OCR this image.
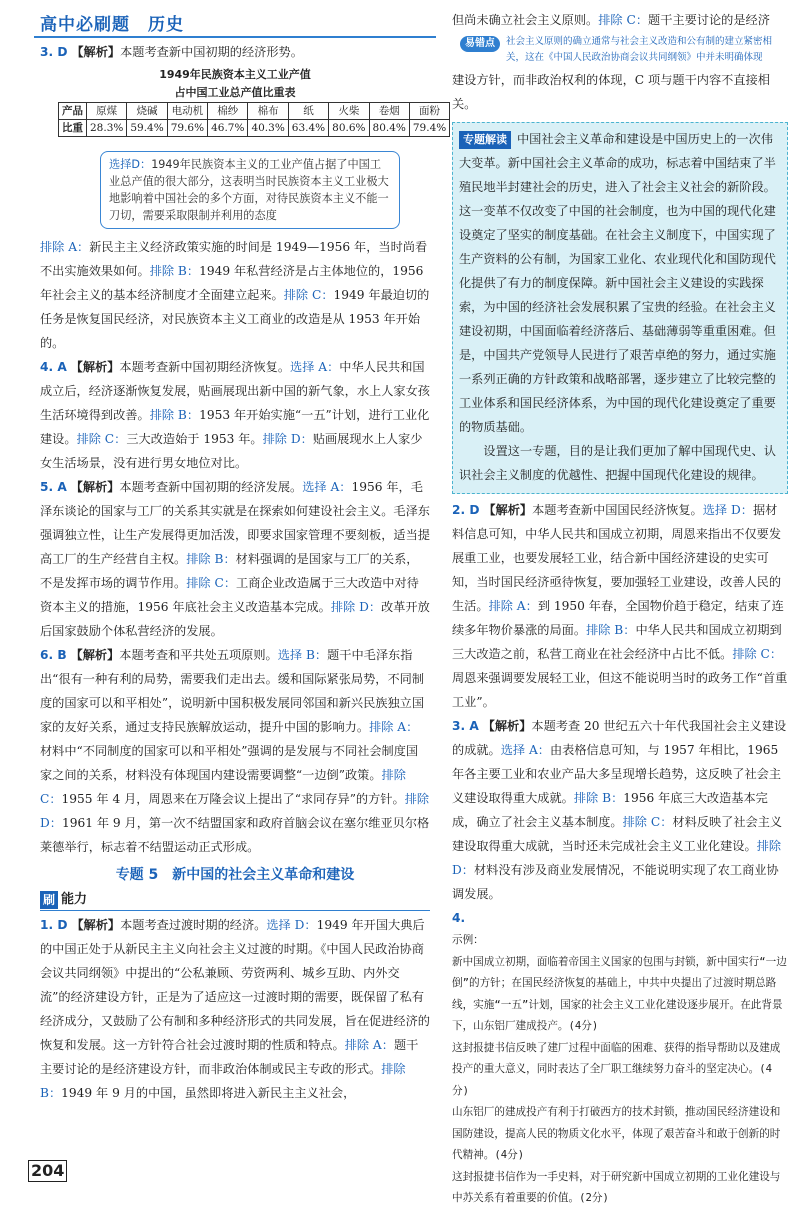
高中必刷题　历史

3. D 【解析】本题考查新中国初期的经济形势。

1949年民族资本主义工业产值
占中国工业总产值比重表
产品	原煤	烧碱	电动机	棉纱	棉布	纸	火柴	卷烟	面粉
比重	28.3%	59.4%	79.6%	46.7%	40.3%	63.4%	80.6%	80.4%	79.4%
选择D：1949年民族资本主义的工业产值占据了中国工业总产值的很大部分，这表明当时民族资本主义工业极大地影响着中国社会的多个方面，对待民族资本主义不能一刀切，需要采取限制并利用的态度

排除 A：新民主主义经济政策实施的时间是 1949—1956 年，当时尚看不出实施效果如何。排除 B：1949 年私营经济是占主体地位的，1956 年社会主义的基本经济制度才全面建立起来。排除 C：1949 年最迫切的任务是恢复国民经济，对民族资本主义工商业的改造是从 1953 年开始的。

4. A 【解析】本题考查新中国初期经济恢复。选择 A：中华人民共和国成立后，经济逐渐恢复发展，贴画展现出新中国的新气象，水上人家女孩生活环境得到改善。排除 B：1953 年开始实施“一五”计划，进行工业化建设。排除 C：三大改造始于 1953 年。排除 D：贴画展现水上人家少女生活场景，没有进行男女地位对比。

5. A 【解析】本题考查新中国初期的经济发展。选择 A：1956 年，毛泽东谈论的国家与工厂的关系其实就是在探索如何建设社会主义。毛泽东强调独立性，让生产发展得更加活泼，即要求国家管理不要刻板，适当提高工厂的生产经营自主权。排除 B：材料强调的是国家与工厂的关系，不是发挥市场的调节作用。排除 C：工商企业改造属于三大改造中对待资本主义的措施，1956 年底社会主义改造基本完成。排除 D：改革开放后国家鼓励个体私营经济的发展。

6. B 【解析】本题考查和平共处五项原则。选择 B：题干中毛泽东指出“很有一种有利的局势，需要我们走出去。缓和国际紧张局势，不同制度的国家可以和平相处”，说明新中国积极发展同邻国和新兴民族独立国家的友好关系，通过支持民族解放运动，提升中国的影响力。排除 A：材料中“不同制度的国家可以和平相处”强调的是发展与不同社会制度国家之间的关系，材料没有体现国内建设需要调整“一边倒”政策。排除 C：1955 年 4 月，周恩来在万隆会议上提出了“求同存异”的方针。排除 D：1961 年 9 月，第一次不结盟国家和政府首脑会议在塞尔维亚贝尔格莱德举行，标志着不结盟运动正式形成。

专题 5　新中国的社会主义革命和建设
刷 能力

1. D 【解析】本题考查过渡时期的经济。选择 D：1949 年开国大典后的中国正处于从新民主主义向社会主义过渡的时期。《中国人民政治协商会议共同纲领》中提出的“公私兼顾、劳资两利、城乡互助、内外交流”的经济建设方针，正是为了适应这一过渡时期的需要，既保留了私有经济成分，又鼓励了公有制和多种经济形式的共同发展，旨在促进经济的恢复和发展。这一方针符合社会过渡时期的性质和特点。排除 A：题干主要讨论的是经济建设方针，而非政治体制或民主专政的形式。排除 B：1949 年 9 月的中国，虽然即将进入新民主主义社会，

但尚未确立社会主义原则。排除 C：题干主要讨论的是经济

易错点	社会主义原则的确立通常与社会主义改造和公有制的建立紧密相关，这在《中国人民政治协商会议共同纲领》中并未明确体现

建设方针，而非政治权利的体现，C 项与题干内容不直接相关。

专题解读 中国社会主义革命和建设是中国历史上的一次伟大变革。新中国社会主义革命的成功，标志着中国结束了半殖民地半封建社会的历史，进入了社会主义社会的新阶段。这一变革不仅改变了中国的社会制度，也为中国的现代化建设奠定了坚实的制度基础。在社会主义制度下，中国实现了生产资料的公有制，为国家工业化、农业现代化和国防现代化提供了有力的制度保障。新中国社会主义建设的实践探索，为中国的经济社会发展积累了宝贵的经验。在社会主义建设初期，中国面临着经济落后、基础薄弱等重重困难。但是，中国共产党领导人民进行了艰苦卓绝的努力，通过实施一系列正确的方针政策和战略部署，逐步建立了比较完整的工业体系和国民经济体系，为中国的现代化建设奠定了重要的物质基础。

设置这一专题，目的是让我们更加了解中国现代史、认识社会主义制度的优越性、把握中国现代化建设的规律。

2. D 【解析】本题考查新中国国民经济恢复。选择 D：据材料信息可知，中华人民共和国成立初期，周恩来指出不仅要发展重工业，也要发展轻工业，结合新中国经济建设的史实可知，当时国民经济亟待恢复，要加强轻工业建设，改善人民的生活。排除 A：到 1950 年春，全国物价趋于稳定，结束了连续多年物价暴涨的局面。排除 B：中华人民共和国成立初期到三大改造之前，私营工商业在社会经济中占比不低。排除 C：周恩来强调要发展轻工业，但这不能说明当时的政务工作“首重工业”。

3. A 【解析】本题考查 20 世纪五六十年代我国社会主义建设的成就。选择 A：由表格信息可知，与 1957 年相比，1965 年各主要工业和农业产品大多呈现增长趋势，这反映了社会主义建设取得重大成就。排除 B：1956 年底三大改造基本完成，确立了社会主义基本制度。排除 C：材料反映了社会主义建设取得重大成就，当时还未完成社会主义工业化建设。排除 D：材料没有涉及商业发展情况，不能说明实现了农工商业协调发展。

4.

示例：

新中国成立初期，面临着帝国主义国家的包围与封锁，新中国实行“一边倒”的方针；在国民经济恢复的基础上，中共中央提出了过渡时期总路线，实施“一五”计划，国家的社会主义工业化建设逐步展开。在此背景下，山东铝厂建成投产。(4分)

这封报捷书信反映了建厂过程中面临的困难、获得的指导帮助以及建成投产的重大意义，同时表达了全厂职工继续努力奋斗的坚定决心。(4分)

山东铝厂的建成投产有利于打破西方的技术封锁，推动国民经济建设和国防建设，提高人民的物质文化水平，体现了艰苦奋斗和敢于创新的时代精神。(4分)

这封报捷书信作为一手史料，对于研究新中国成立初期的工业化建设与中苏关系有着重要的价值。(2分)

204
